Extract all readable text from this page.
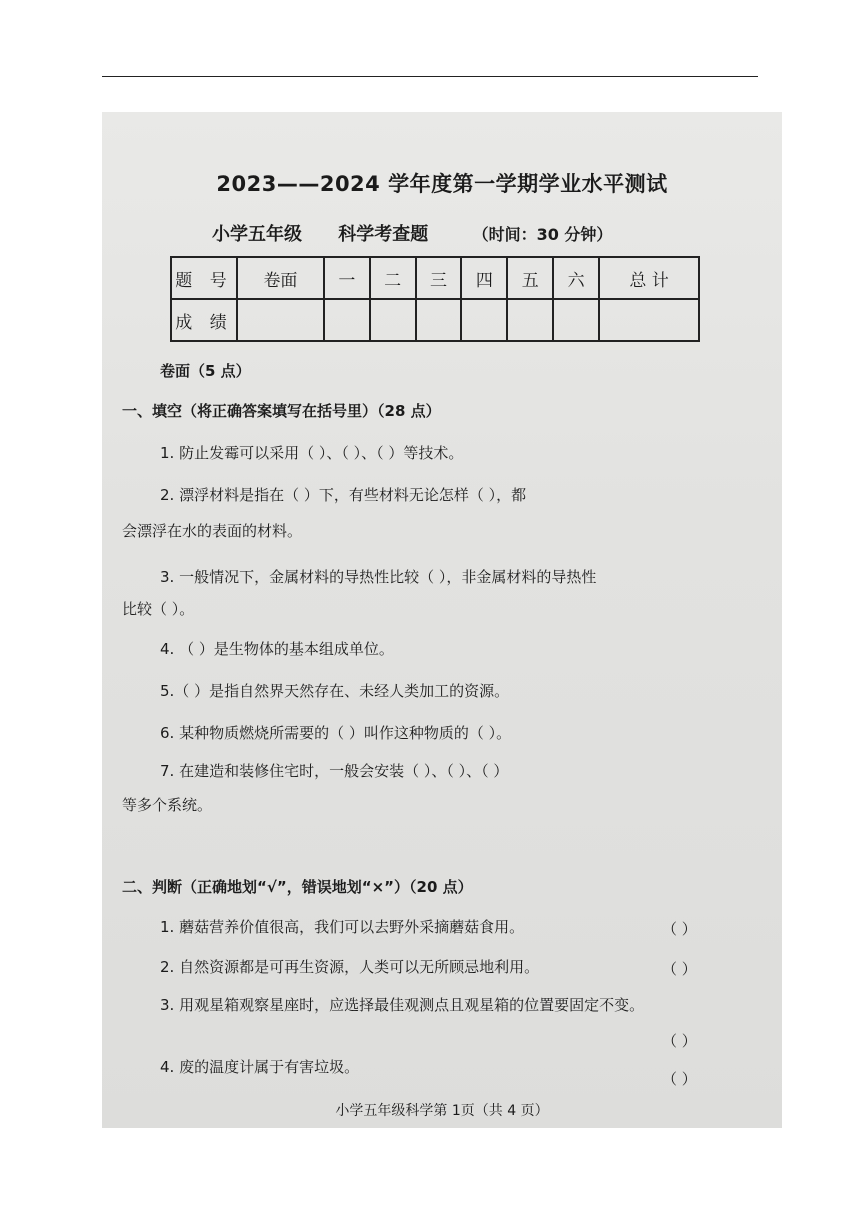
2023——2024 学年度第一学期学业水平测试
小学五年级 科学考查题	（时间：30 分钟）
题 号	卷面	一	二	三	四	五	六	总 计
成 绩								
卷面（5 点）
一、填空（将正确答案填写在括号里）（28 点）
1. 防止发霉可以采用（ ）、（ ）、（ ）等技术。
2. 漂浮材料是指在（ ）下，有些材料无论怎样（ ），都
会漂浮在水的表面的材料。
3. 一般情况下，金属材料的导热性比较（ ），非金属材料的导热性
比较（ ）。
4. （ ）是生物体的基本组成单位。
5.（ ）是指自然界天然存在、未经人类加工的资源。
6. 某种物质燃烧所需要的（ ）叫作这种物质的（ ）。
7. 在建造和装修住宅时，一般会安装（ ）、（ ）、（ ）
等多个系统。
二、判断（正确地划“√”，错误地划“×”）（20 点）
1. 蘑菇营养价值很高，我们可以去野外采摘蘑菇食用。	（ ）
2. 自然资源都是可再生资源，人类可以无所顾忌地利用。	（ ）
3. 用观星箱观察星座时，应选择最佳观测点且观星箱的位置要固定不变。
（ ）
4. 废的温度计属于有害垃圾。
（ ）
小学五年级科学第 1页（共 4 页）
